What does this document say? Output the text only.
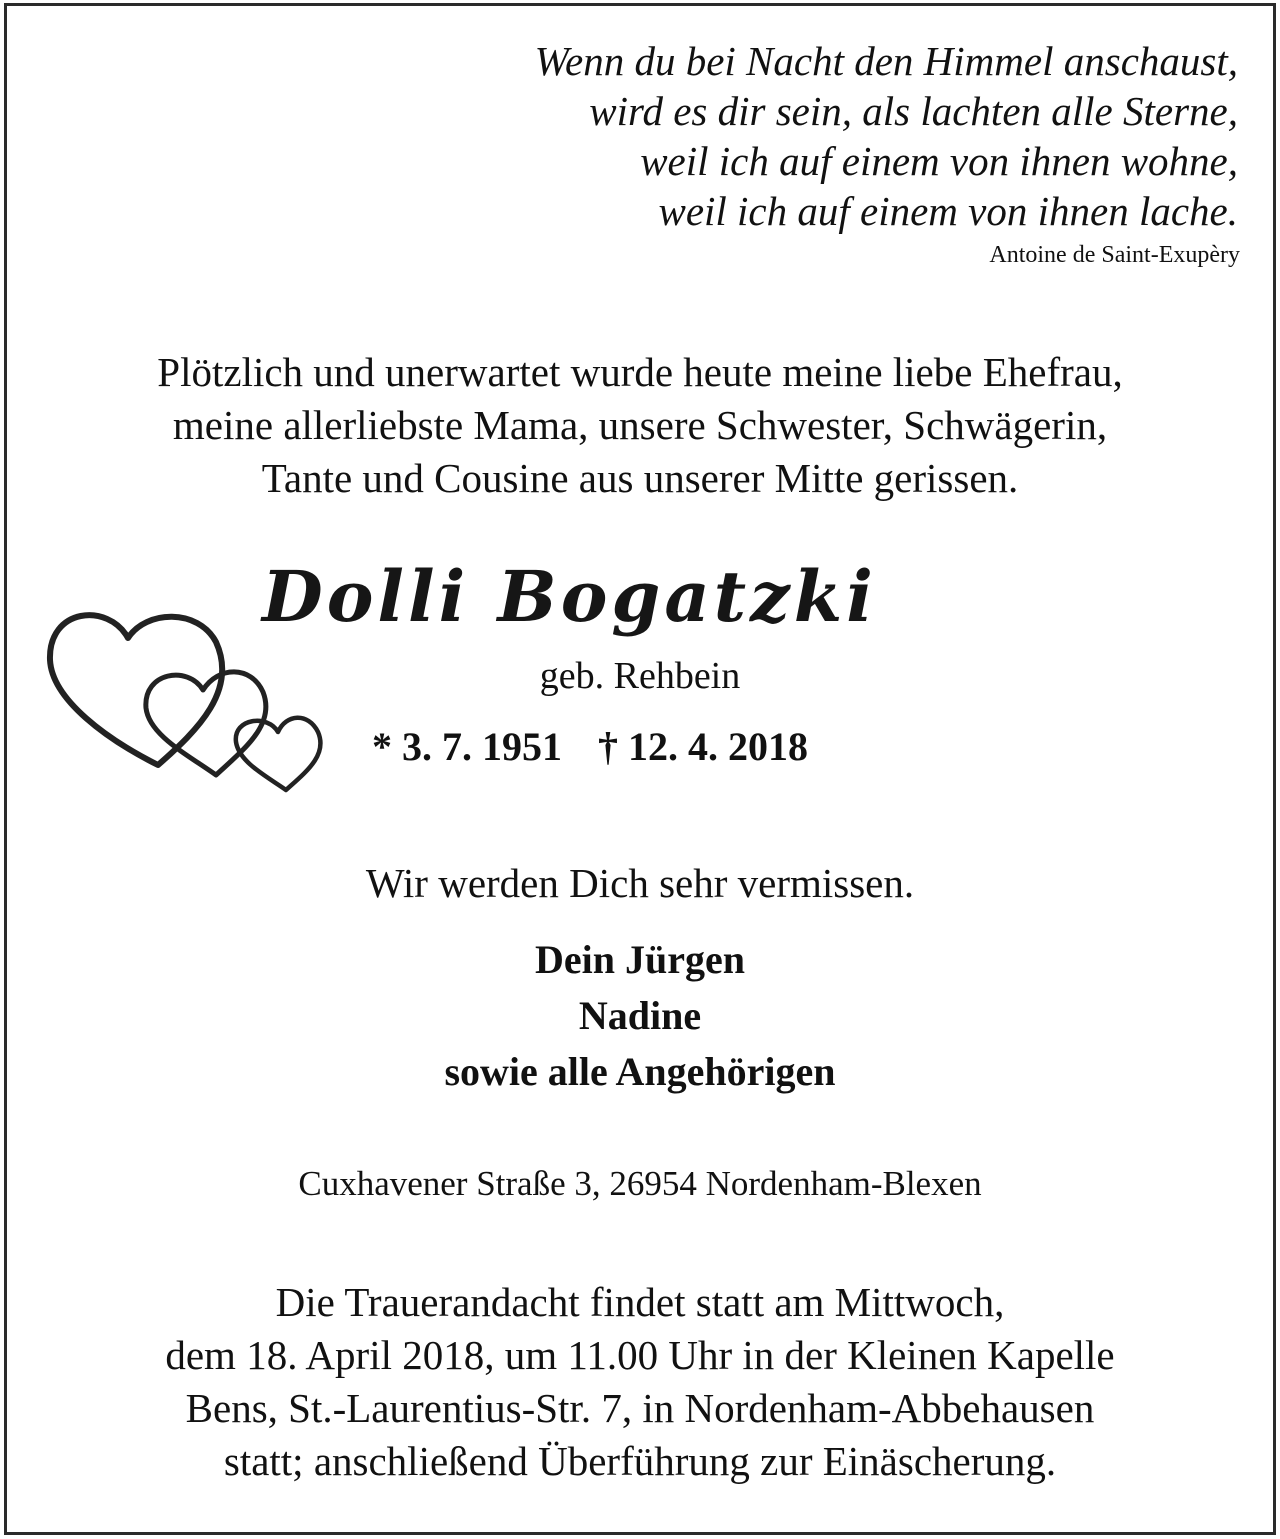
Wenn du bei Nacht den Himmel anschaust,
wird es dir sein, als lachten alle Sterne,
weil ich auf einem von ihnen wohne,
weil ich auf einem von ihnen lache.
Antoine de Saint-Exupèry
Plötzlich und unerwartet wurde heute meine liebe Ehefrau,
meine allerliebste Mama, unsere Schwester, Schwägerin,
Tante und Cousine aus unserer Mitte gerissen.
Dolli Bogatzki
geb. Rehbein
* 3. 7. 1951 † 12. 4. 2018
Wir werden Dich sehr vermissen.
Dein Jürgen
Nadine
sowie alle Angehörigen
Cuxhavener Straße 3, 26954 Nordenham-Blexen
Die Trauerandacht findet statt am Mittwoch,
dem 18. April 2018, um 11.00 Uhr in der Kleinen Kapelle
Bens, St.-Laurentius-Str. 7, in Nordenham-Abbehausen
statt; anschließend Überführung zur Einäscherung.
